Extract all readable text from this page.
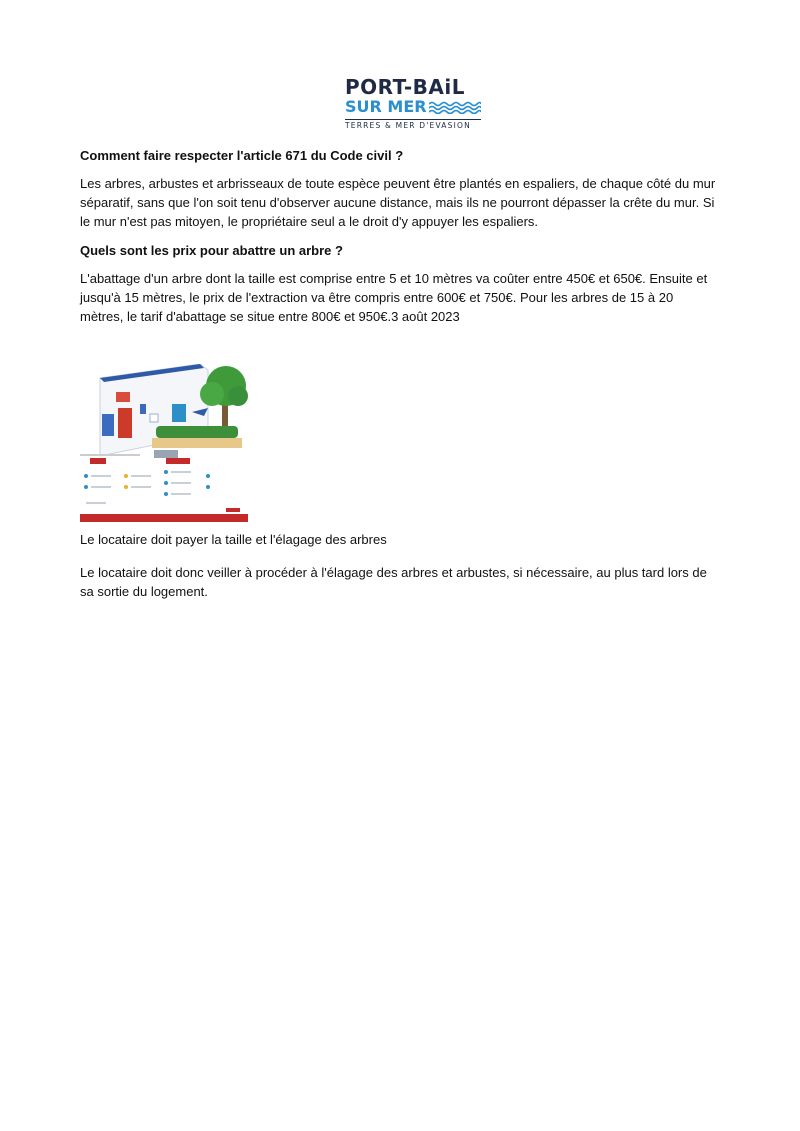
PORT-BAiL
SUR MER
TERRES & MER D'EVASION
Comment faire respecter l'article 671 du Code civil ?

Les arbres, arbustes et arbrisseaux de toute espèce peuvent être plantés en espaliers, de chaque côté du mur séparatif, sans que l'on soit tenu d'observer aucune distance, mais ils ne pourront dépasser la crête du mur. Si le mur n'est pas mitoyen, le propriétaire seul a le droit d'y appuyer les espaliers.

Quels sont les prix pour abattre un arbre ?

L'abattage d'un arbre dont la taille est comprise entre 5 et 10 mètres va coûter entre 450€ et 650€. Ensuite et jusqu'à 15 mètres, le prix de l'extraction va être compris entre 600€ et 750€. Pour les arbres de 15 à 20 mètres, le tarif d'abattage se situe entre 800€ et 950€.3 août 2023

Le locataire doit payer la taille et l'élagage des arbres

Le locataire doit donc veiller à procéder à l'élagage des arbres et arbustes, si nécessaire, au plus tard lors de sa sortie du logement.
